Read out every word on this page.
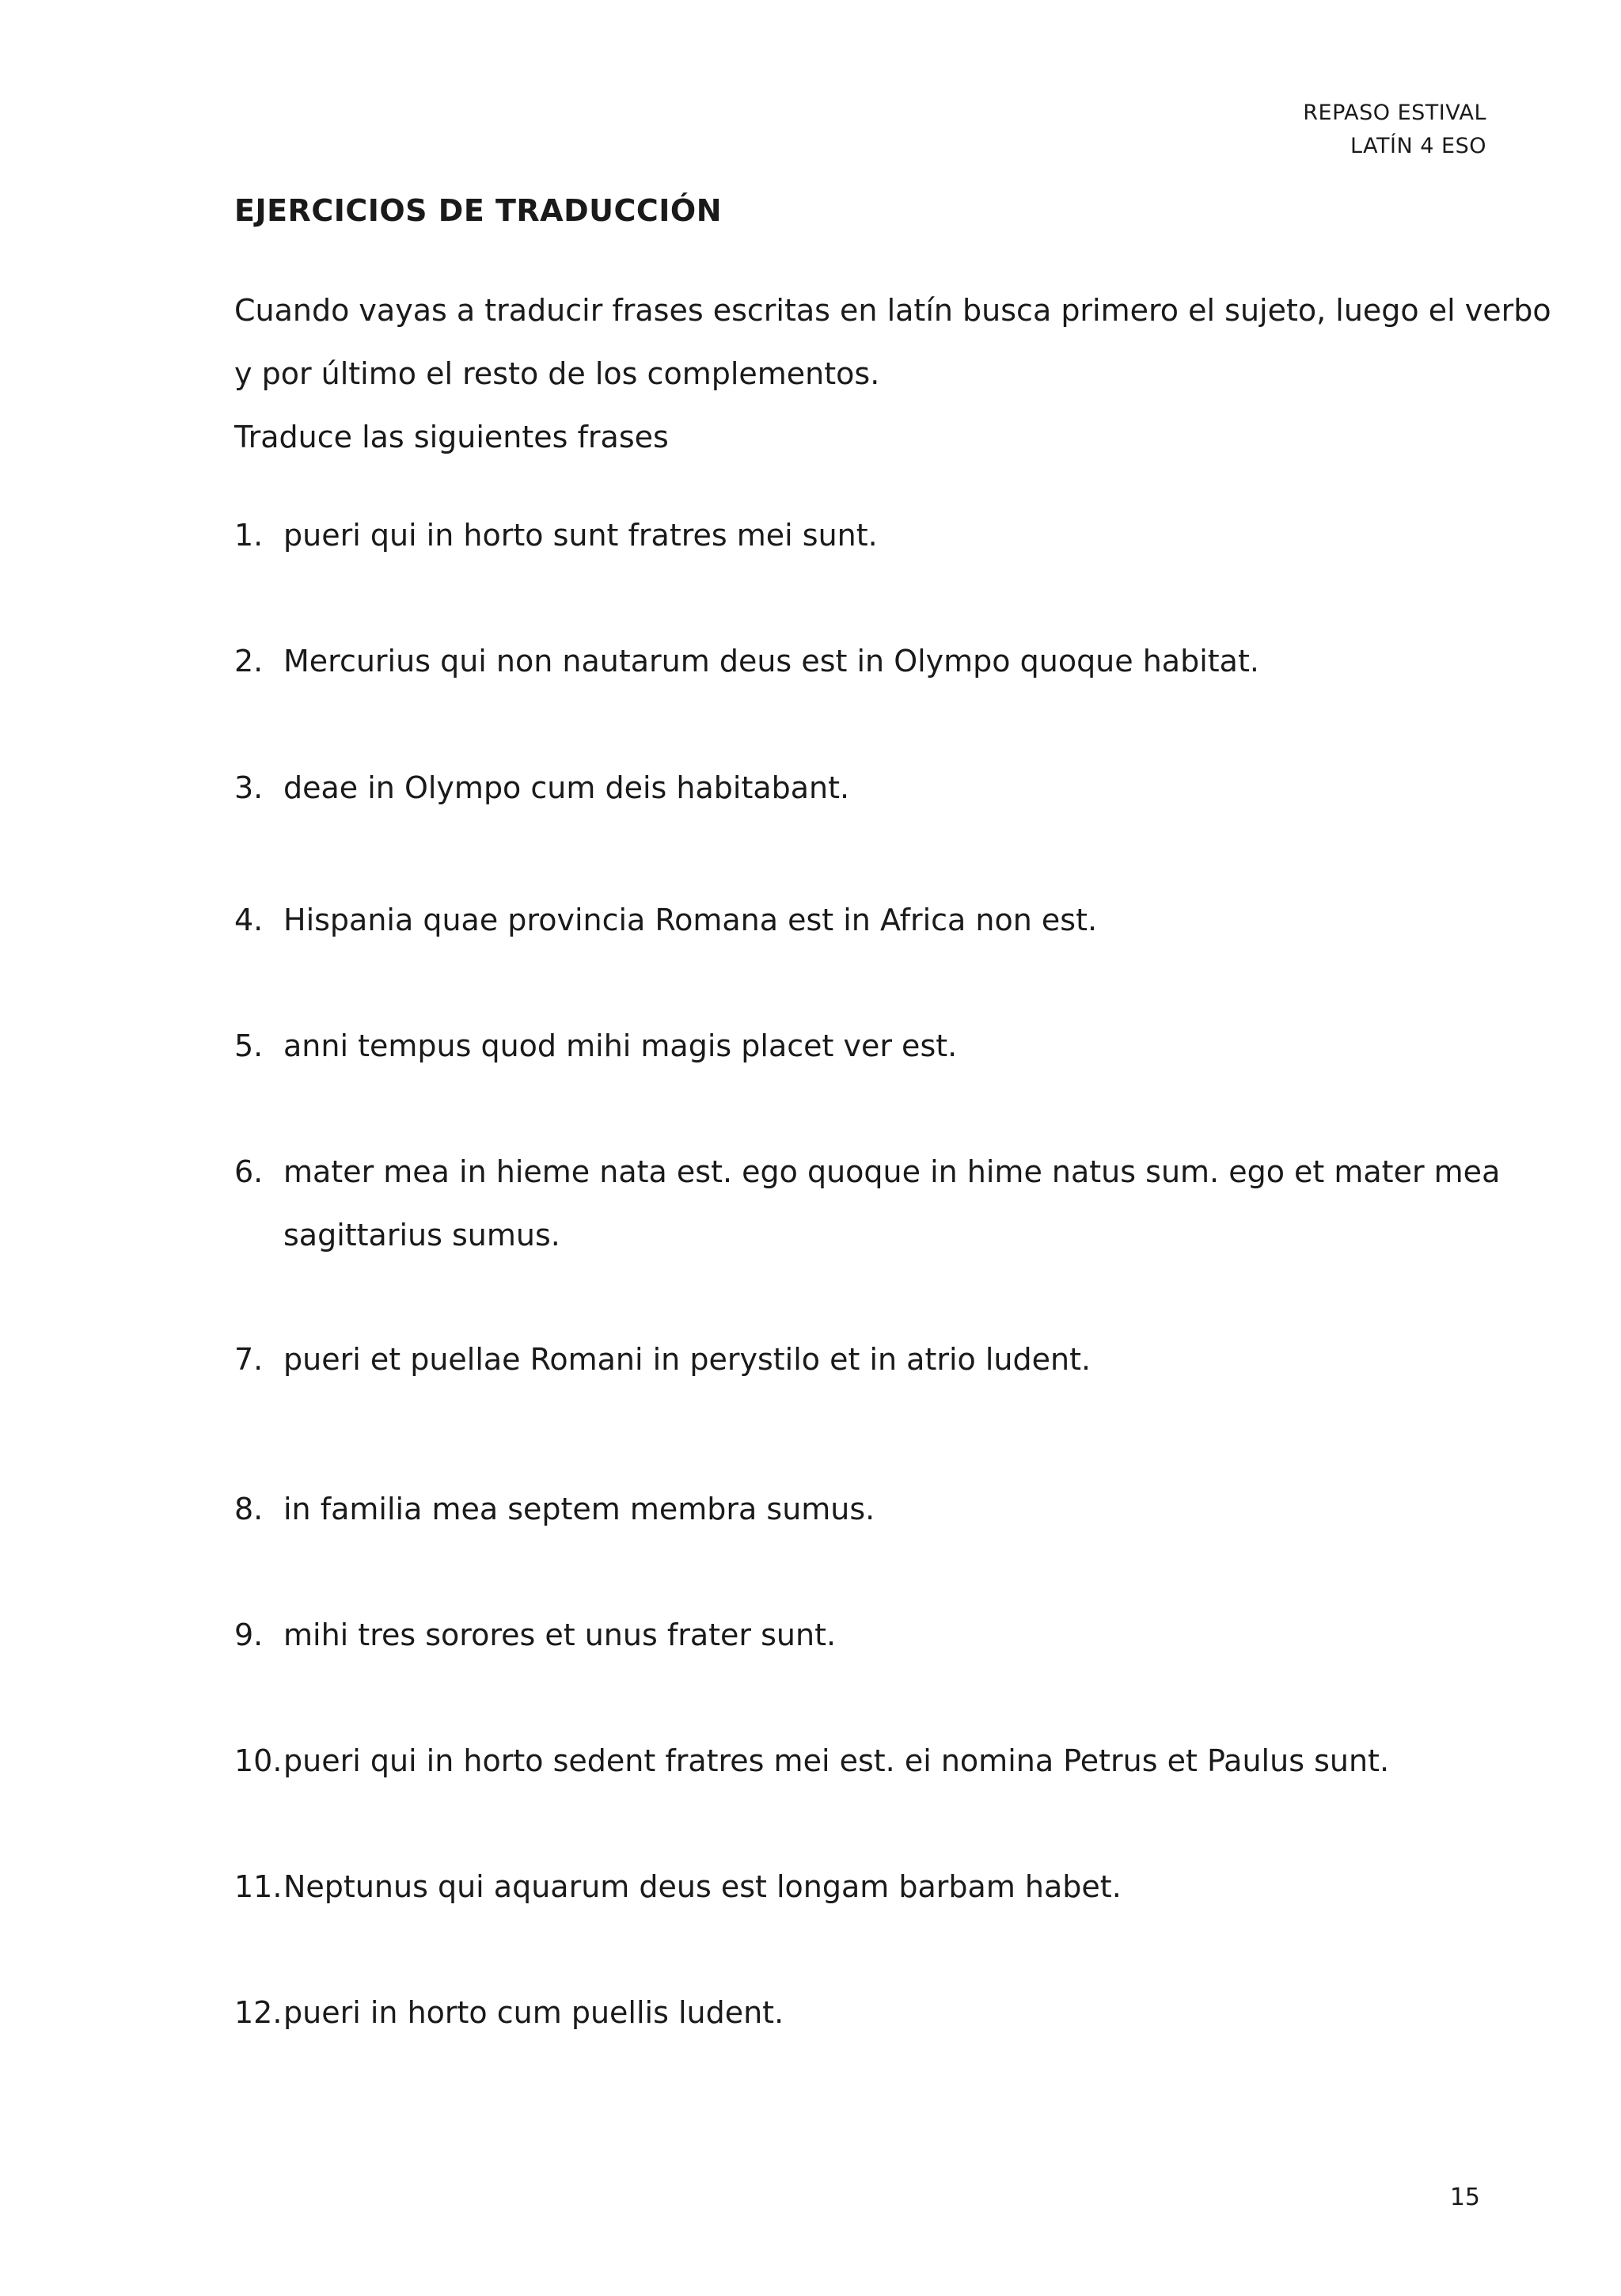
REPASO ESTIVAL
LATÍN 4 ESO
EJERCICIOS DE TRADUCCIÓN
Cuando vayas a traducir frases escritas en latín busca primero el sujeto, luego el verbo
y por último el resto de los complementos.
Traduce las siguientes frases
1. pueri qui in horto sunt fratres mei sunt.
2. Mercurius qui non nautarum deus est in Olympo quoque habitat.
3. deae in Olympo cum deis habitabant.
4. Hispania quae provincia Romana est in Africa non est.
5. anni tempus quod mihi magis placet ver est.
6. mater mea in hieme nata est. ego quoque in hime natus sum. ego et mater mea
sagittarius sumus.
7. pueri et puellae Romani in perystilo et in atrio ludent.
8. in familia mea septem membra sumus.
9. mihi tres sorores et unus frater sunt.
10. pueri qui in horto sedent fratres mei est. ei nomina Petrus et Paulus sunt.
11. Neptunus qui aquarum deus est longam barbam habet.
12. pueri in horto cum puellis ludent.
15
